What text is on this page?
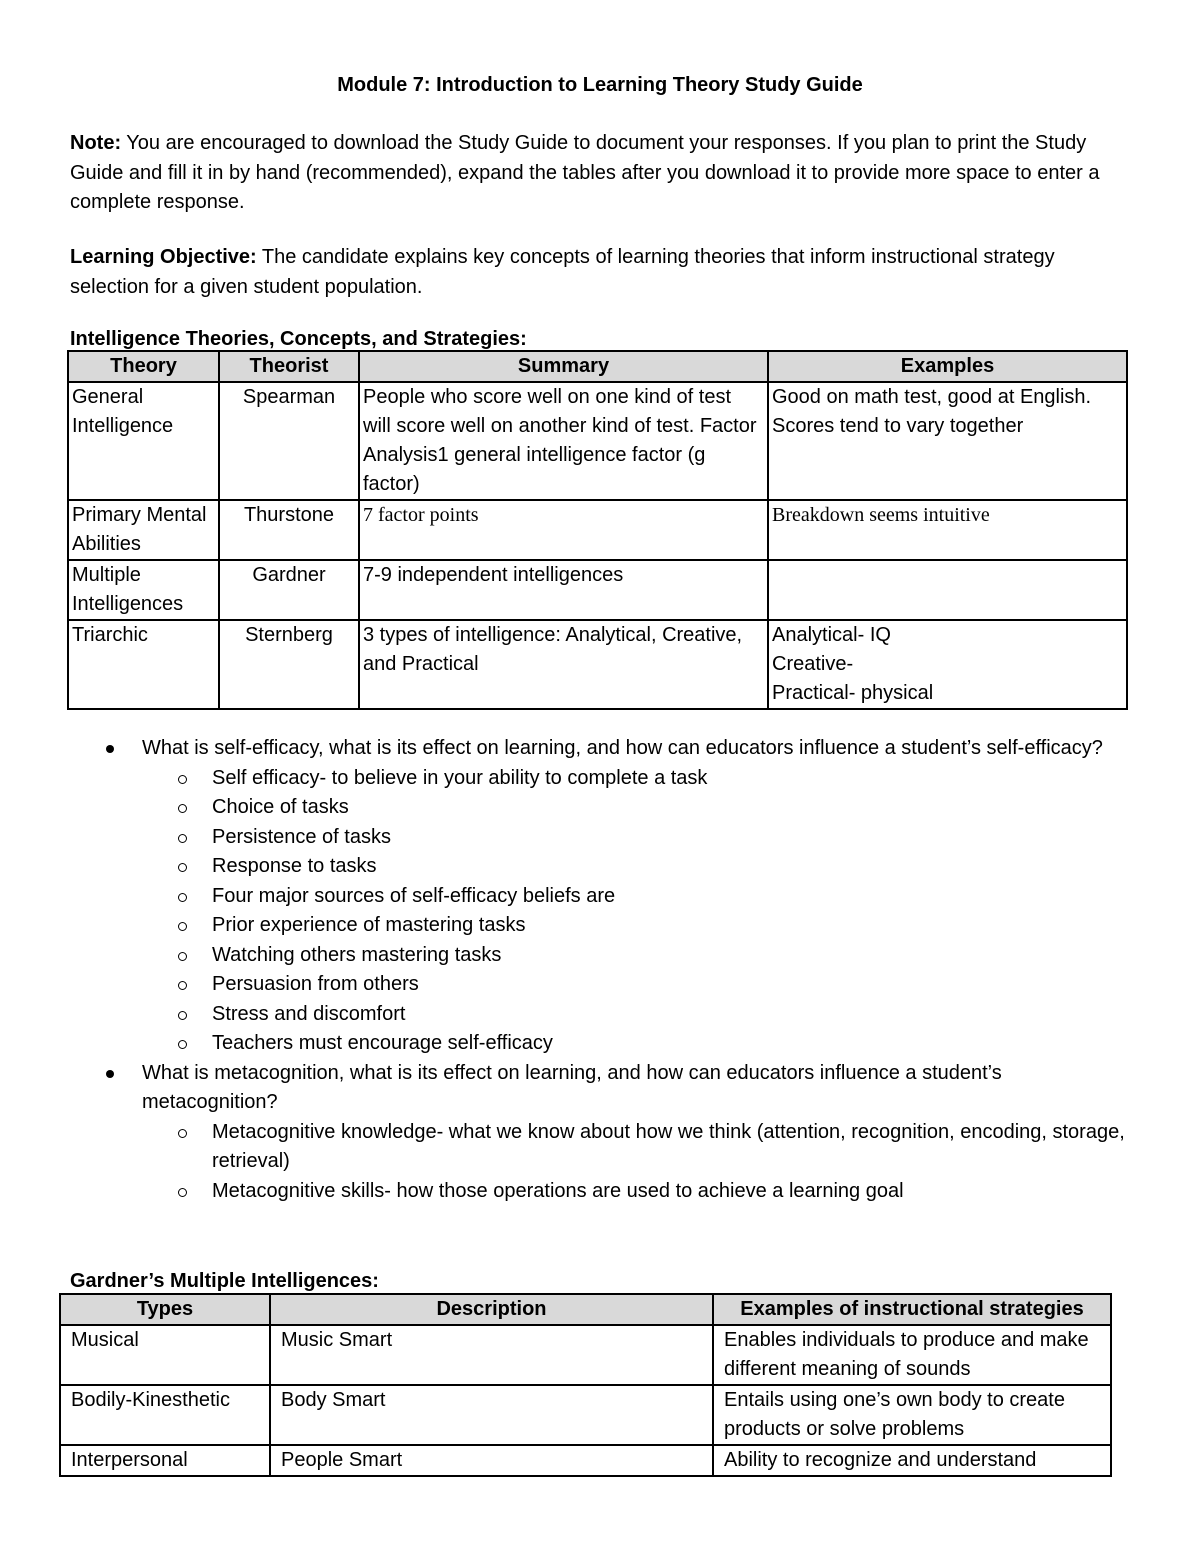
Module 7: Introduction to Learning Theory Study Guide

Note: You are encouraged to download the Study Guide to document your responses. If you plan to print the Study Guide and fill it in by hand (recommended), expand the tables after you download it to provide more space to enter a complete response.

Learning Objective: The candidate explains key concepts of learning theories that inform instructional strategy selection for a given student population.

Intelligence Theories, Concepts, and Strategies:
Theory	Theorist	Summary	Examples
General Intelligence	Spearman	People who score well on one kind of test will score well on another kind of test. Factor Analysis1 general intelligence factor (g factor)	Good on math test, good at English. Scores tend to vary together
Primary Mental Abilities	Thurstone	7 factor points	Breakdown seems intuitive
Multiple Intelligences	Gardner	7-9 independent intelligences	
Triarchic	Sternberg	3 types of intelligence: Analytical, Creative, and Practical	Analytical- IQ
Creative-
Practical- physical
What is self-efficacy, what is its effect on learning, and how can educators influence a student’s self-efficacy?
Self efficacy- to believe in your ability to complete a task
Choice of tasks
Persistence of tasks
Response to tasks
Four major sources of self-efficacy beliefs are
Prior experience of mastering tasks
Watching others mastering tasks
Persuasion from others
Stress and discomfort
Teachers must encourage self-efficacy
What is metacognition, what is its effect on learning, and how can educators influence a student’s metacognition?
Metacognitive knowledge- what we know about how we think (attention, recognition, encoding, storage, retrieval)
Metacognitive skills- how those operations are used to achieve a learning goal
Gardner’s Multiple Intelligences:
Types	Description	Examples of instructional strategies
Musical	Music Smart	Enables individuals to produce and make different meaning of sounds
Bodily-Kinesthetic	Body Smart	Entails using one’s own body to create products or solve problems
Interpersonal	People Smart	Ability to recognize and understand
